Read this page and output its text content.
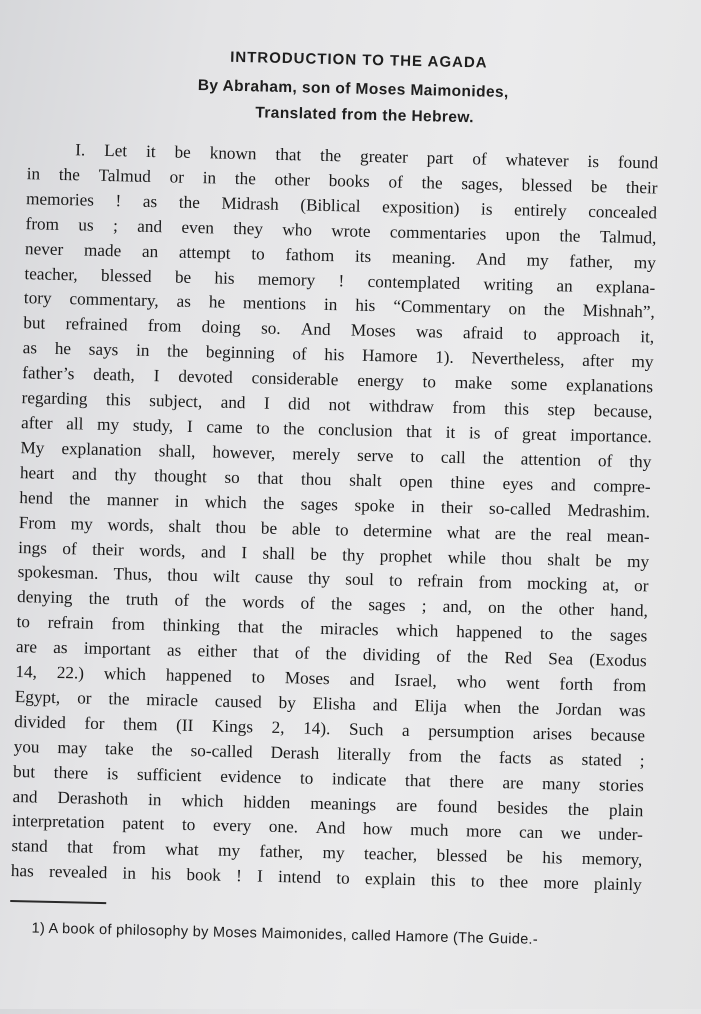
INTRODUCTION TO THE AGADA
By Abraham, son of Moses Maimonides,
Translated from the Hebrew.
I. Let it be known that the greater part of whatever is found
in the Talmud or in the other books of the sages, blessed be their
memories ! as the Midrash (Biblical exposition) is entirely concealed
from us ; and even they who wrote commentaries upon the Talmud,
never made an attempt to fathom its meaning. And my father, my
teacher, blessed be his memory ! contemplated writing an explana-
tory commentary, as he mentions in his “Commentary on the Mishnah”,
but refrained from doing so. And Moses was afraid to approach it,
as he says in the beginning of his Hamore 1). Nevertheless, after my
father’s death, I devoted considerable energy to make some explanations
regarding this subject, and I did not withdraw from this step because,
after all my study, I came to the conclusion that it is of great importance.
My explanation shall, however, merely serve to call the attention of thy
heart and thy thought so that thou shalt open thine eyes and compre-
hend the manner in which the sages spoke in their so-called Medrashim.
From my words, shalt thou be able to determine what are the real mean-
ings of their words, and I shall be thy prophet while thou shalt be my
spokesman. Thus, thou wilt cause thy soul to refrain from mocking at, or
denying the truth of the words of the sages ; and, on the other hand,
to refrain from thinking that the miracles which happened to the sages
are as important as either that of the dividing of the Red Sea (Exodus
14, 22.) which happened to Moses and Israel, who went forth from
Egypt, or the miracle caused by Elisha and Elija when the Jordan was
divided for them (II Kings 2, 14). Such a persumption arises because
you may take the so-called Derash literally from the facts as stated ;
but there is sufficient evidence to indicate that there are many stories
and Derashoth in which hidden meanings are found besides the plain
interpretation patent to every one. And how much more can we under-
stand that from what my father, my teacher, blessed be his memory,
has revealed in his book ! I intend to explain this to thee more plainly
1) A book of philosophy by Moses Maimonides, called Hamore (The Guide.-
